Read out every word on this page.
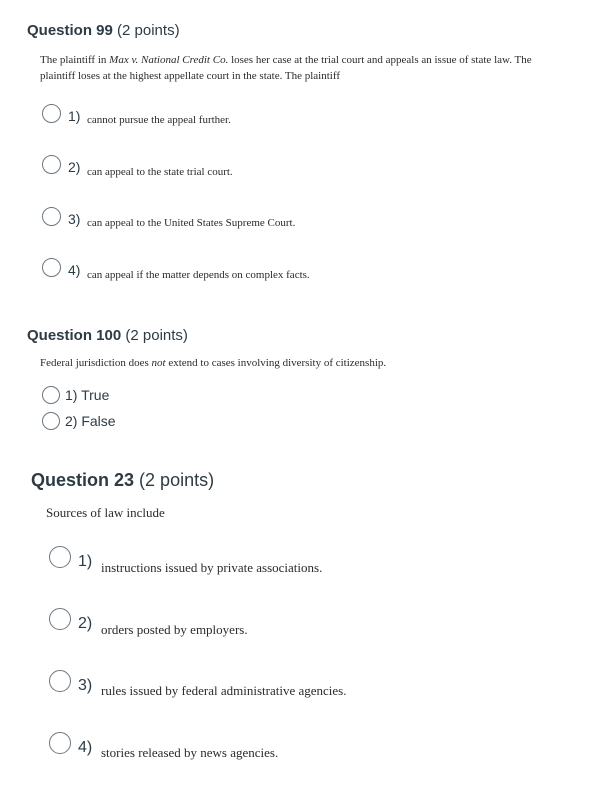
Question 99 (2 points)
The plaintiff in Max v. National Credit Co. loses her case at the trial court and appeals an issue of state law. The
plaintiff loses at the highest appellate court in the state. The plaintiff
1) cannot pursue the appeal further.
2) can appeal to the state trial court.
3) can appeal to the United States Supreme Court.
4) can appeal if the matter depends on complex facts.
Question 100 (2 points)
Federal jurisdiction does not extend to cases involving diversity of citizenship.
1) True
2) False
Question 23 (2 points)
Sources of law include
1) instructions issued by private associations.
2) orders posted by employers.
3) rules issued by federal administrative agencies.
4) stories released by news agencies.
